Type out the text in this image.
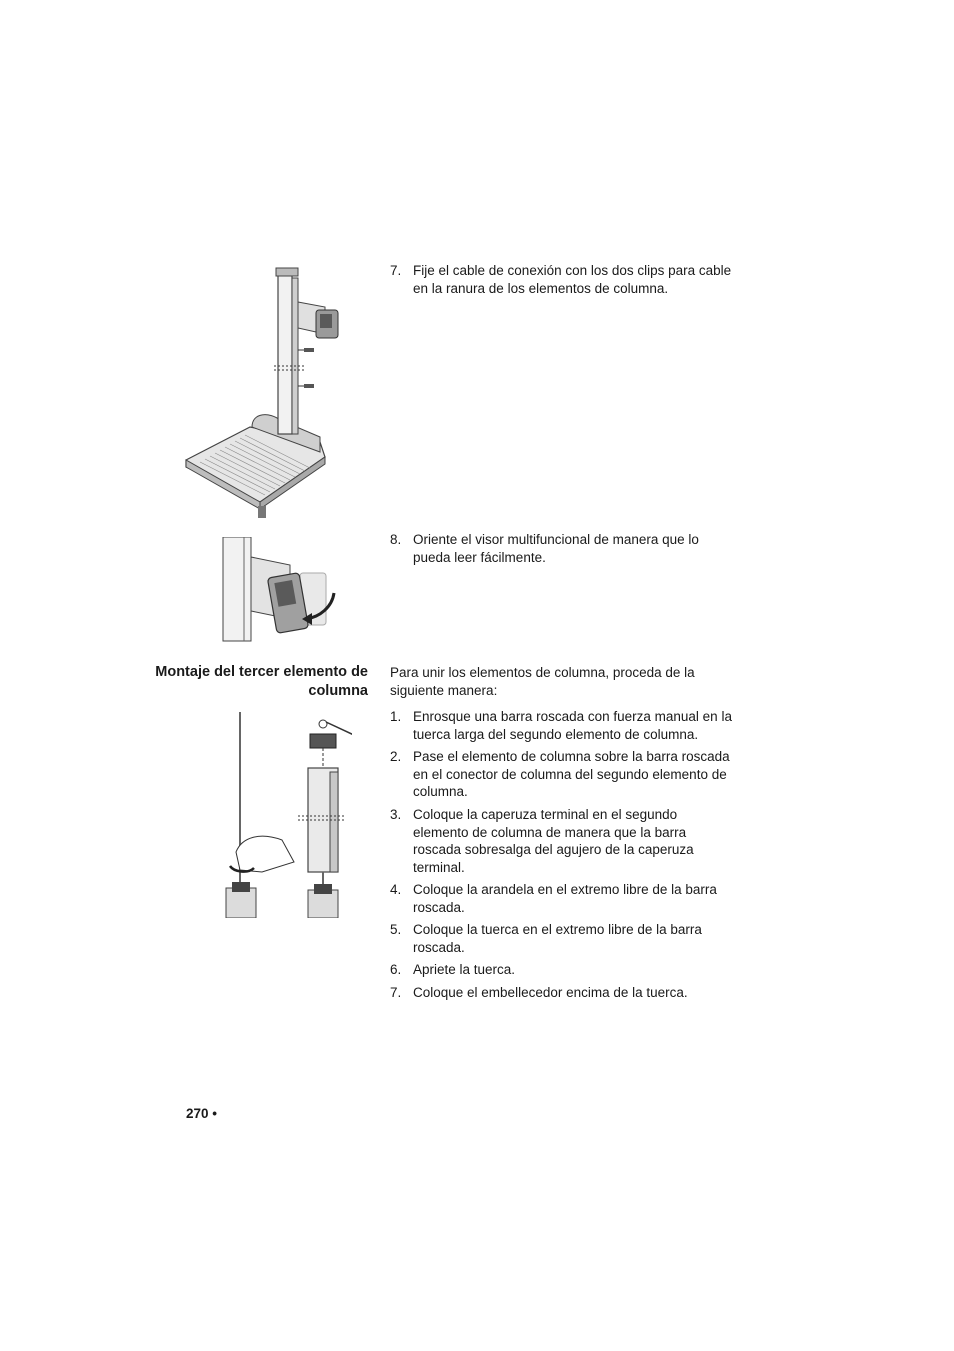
7. Fije el cable de conexión con los dos clips para cable en la ranura de los elementos de columna.
8. Oriente el visor multifuncional de manera que lo pueda leer fácilmente.
Montaje del tercer elemento de columna
Para unir los elementos de columna, proceda de la siguiente manera:
1. Enrosque una barra roscada con fuerza manual en la tuerca larga del segundo elemento de columna.
2. Pase el elemento de columna sobre la barra roscada en el conector de columna del segundo elemento de columna.
3. Coloque la caperuza terminal en el segundo elemento de columna de manera que la barra roscada sobresalga del agujero de la caperuza terminal.
4. Coloque la arandela en el extremo libre de la barra roscada.
5. Coloque la tuerca en el extremo libre de la barra roscada.
6. Apriete la tuerca.
7. Coloque el embellecedor encima de la tuerca.
270 •
